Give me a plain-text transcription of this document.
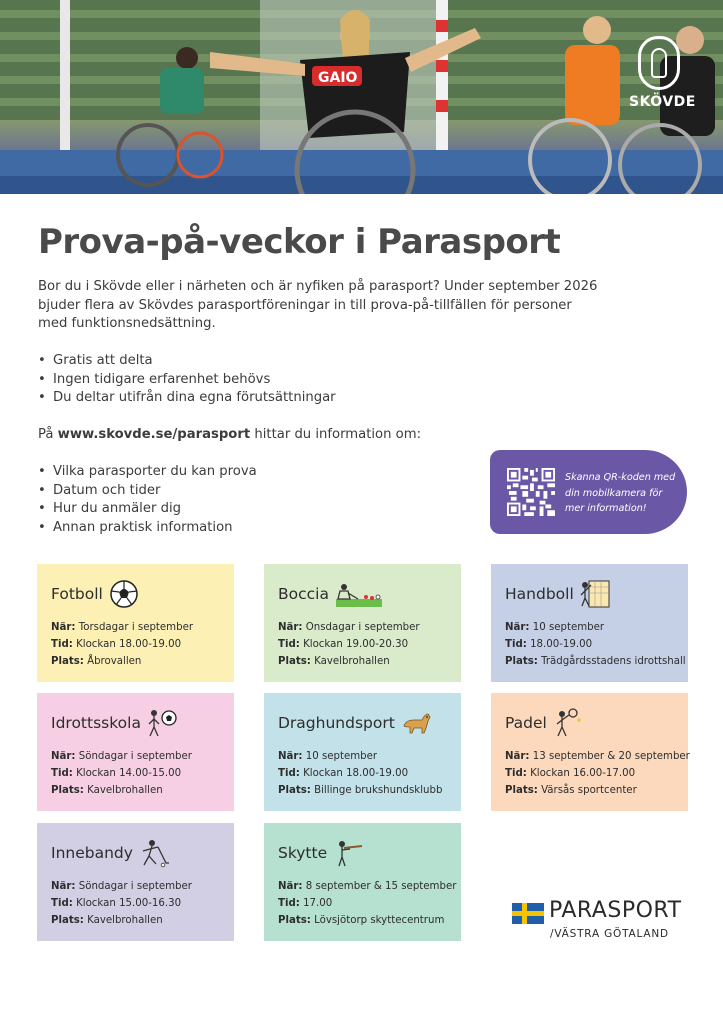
GAIO
SKÖVDE
Prova-på-veckor i Parasport

Bor du i Skövde eller i närheten och är nyfiken på parasport? Under september 2026 bjuder flera av Skövdes parasportföreningar in till prova-på-tillfällen för personer med funktionsnedsättning.

• Gratis att delta
• Ingen tidigare erfarenhet behövs
• Du deltar utifrån dina egna förutsättningar

På www.skovde.se/parasport hittar du information om:

• Vilka parasporter du kan prova
• Datum och tider
• Hur du anmäler dig
• Annan praktisk information
Skanna QR-koden med din mobilkamera för mer information!
Fotboll
När: Torsdagar i september
Tid: Klockan 18.00-19.00
Plats: Åbrovallen
Boccia
När: Onsdagar i september
Tid: Klockan 19.00-20.30
Plats: Kavelbrohallen
Handboll
När: 10 september
Tid: 18.00-19.00
Plats: Trädgårdsstadens idrottshall
Idrottsskola
När: Söndagar i september
Tid: Klockan 14.00-15.00
Plats: Kavelbrohallen
Draghundsport
När: 10 september
Tid: Klockan 18.00-19.00
Plats: Billinge brukshundsklubb
Padel
När: 13 september & 20 september
Tid: Klockan 16.00-17.00
Plats: Värsås sportcenter
Innebandy
När: Söndagar i september
Tid: Klockan 15.00-16.30
Plats: Kavelbrohallen
Skytte
När: 8 september & 15 september
Tid: 17.00
Plats: Lövsjötorp skyttecentrum	PARASPORT
/VÄSTRA GÖTALAND
